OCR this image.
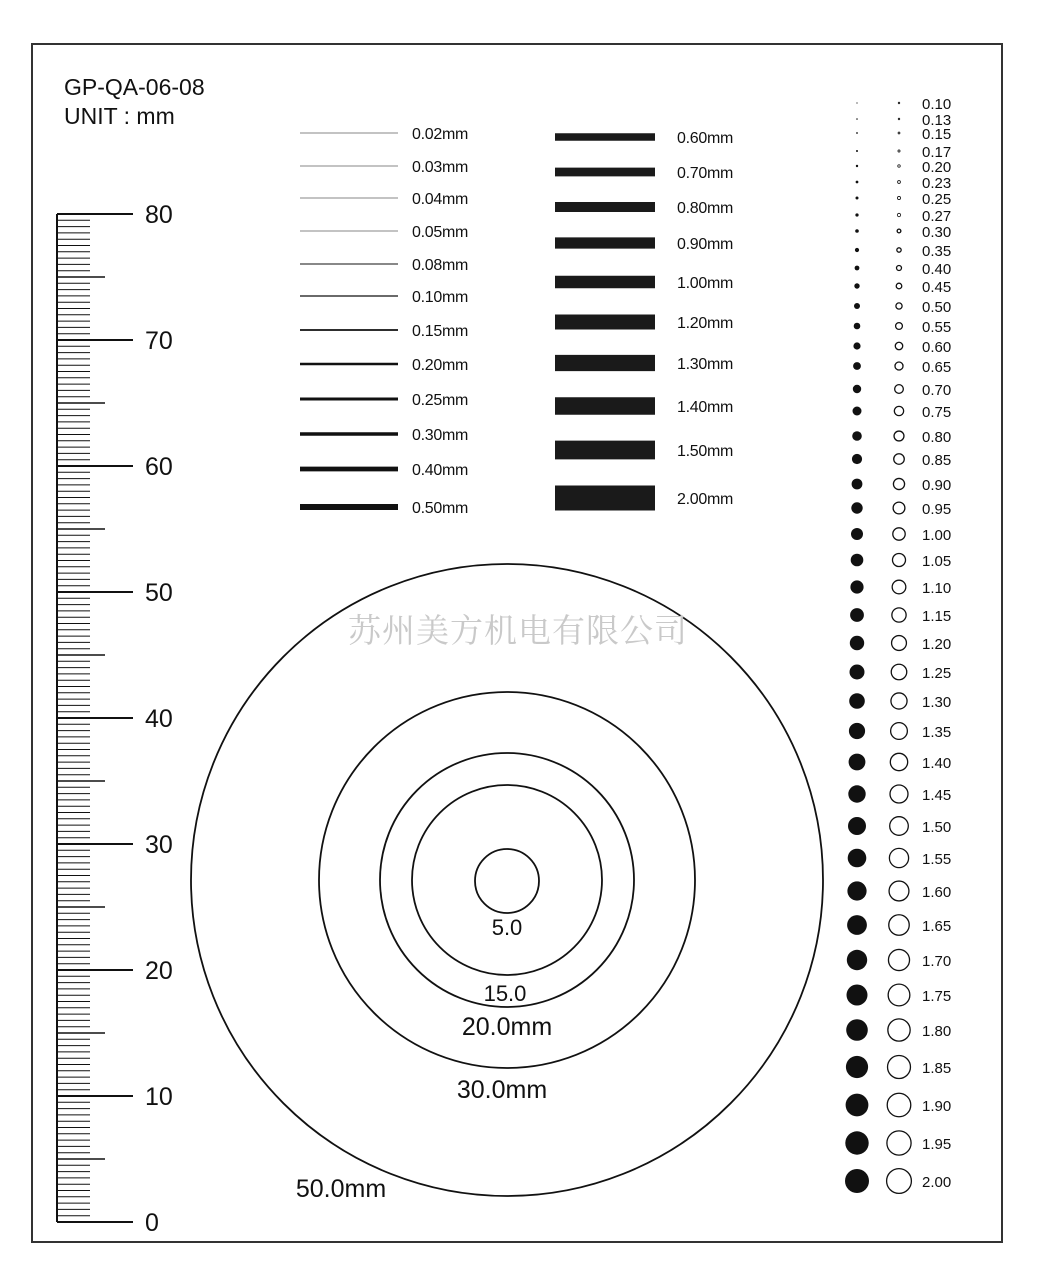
GP-QA-06-08
UNIT : mm
0
10
20
30
40
50
60
70
80
0.02mm
0.03mm
0.04mm
0.05mm
0.08mm
0.10mm
0.15mm
0.20mm
0.25mm
0.30mm
0.40mm
0.50mm
0.60mm
0.70mm
0.80mm
0.90mm
1.00mm
1.20mm
1.30mm
1.40mm
1.50mm
2.00mm
0.10
0.13
0.15
0.17
0.20
0.23
0.25
0.27
0.30
0.35
0.40
0.45
0.50
0.55
0.60
0.65
0.70
0.75
0.80
0.85
0.90
0.95
1.00
1.05
1.10
1.15
1.20
1.25
1.30
1.35
1.40
1.45
1.50
1.55
1.60
1.65
1.70
1.75
1.80
1.85
1.90
1.95
2.00
5.0
15.0
20.0mm
30.0mm
50.0mm
苏州美方机电有限公司
